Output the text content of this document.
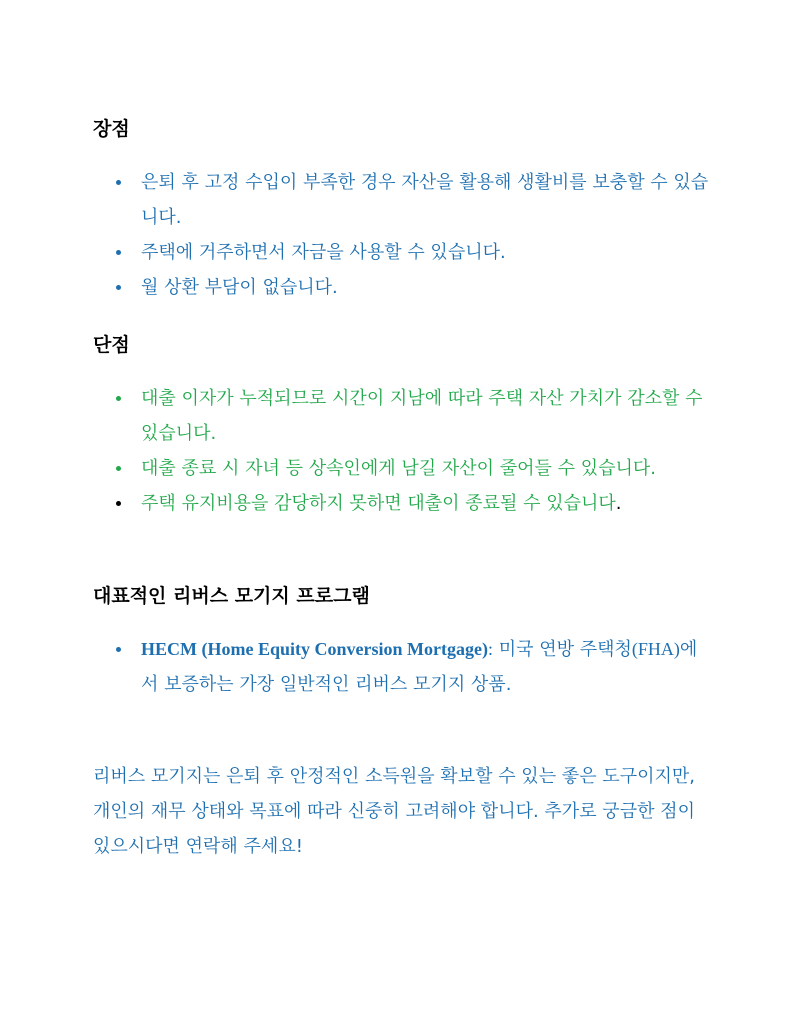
장점
은퇴 후 고정 수입이 부족한 경우 자산을 활용해 생활비를 보충할 수 있습니다.
주택에 거주하면서 자금을 사용할 수 있습니다.
월 상환 부담이 없습니다.
단점
대출 이자가 누적되므로 시간이 지남에 따라 주택 자산 가치가 감소할 수 있습니다.
대출 종료 시 자녀 등 상속인에게 남길 자산이 줄어들 수 있습니다.
주택 유지비용을 감당하지 못하면 대출이 종료될 수 있습니다.
대표적인 리버스 모기지 프로그램
HECM (Home Equity Conversion Mortgage): 미국 연방 주택청(FHA)에서 보증하는 가장 일반적인 리버스 모기지 상품.
리버스 모기지는 은퇴 후 안정적인 소득원을 확보할 수 있는 좋은 도구이지만, 개인의 재무 상태와 목표에 따라 신중히 고려해야 합니다. 추가로 궁금한 점이 있으시다면 연락해 주세요!
